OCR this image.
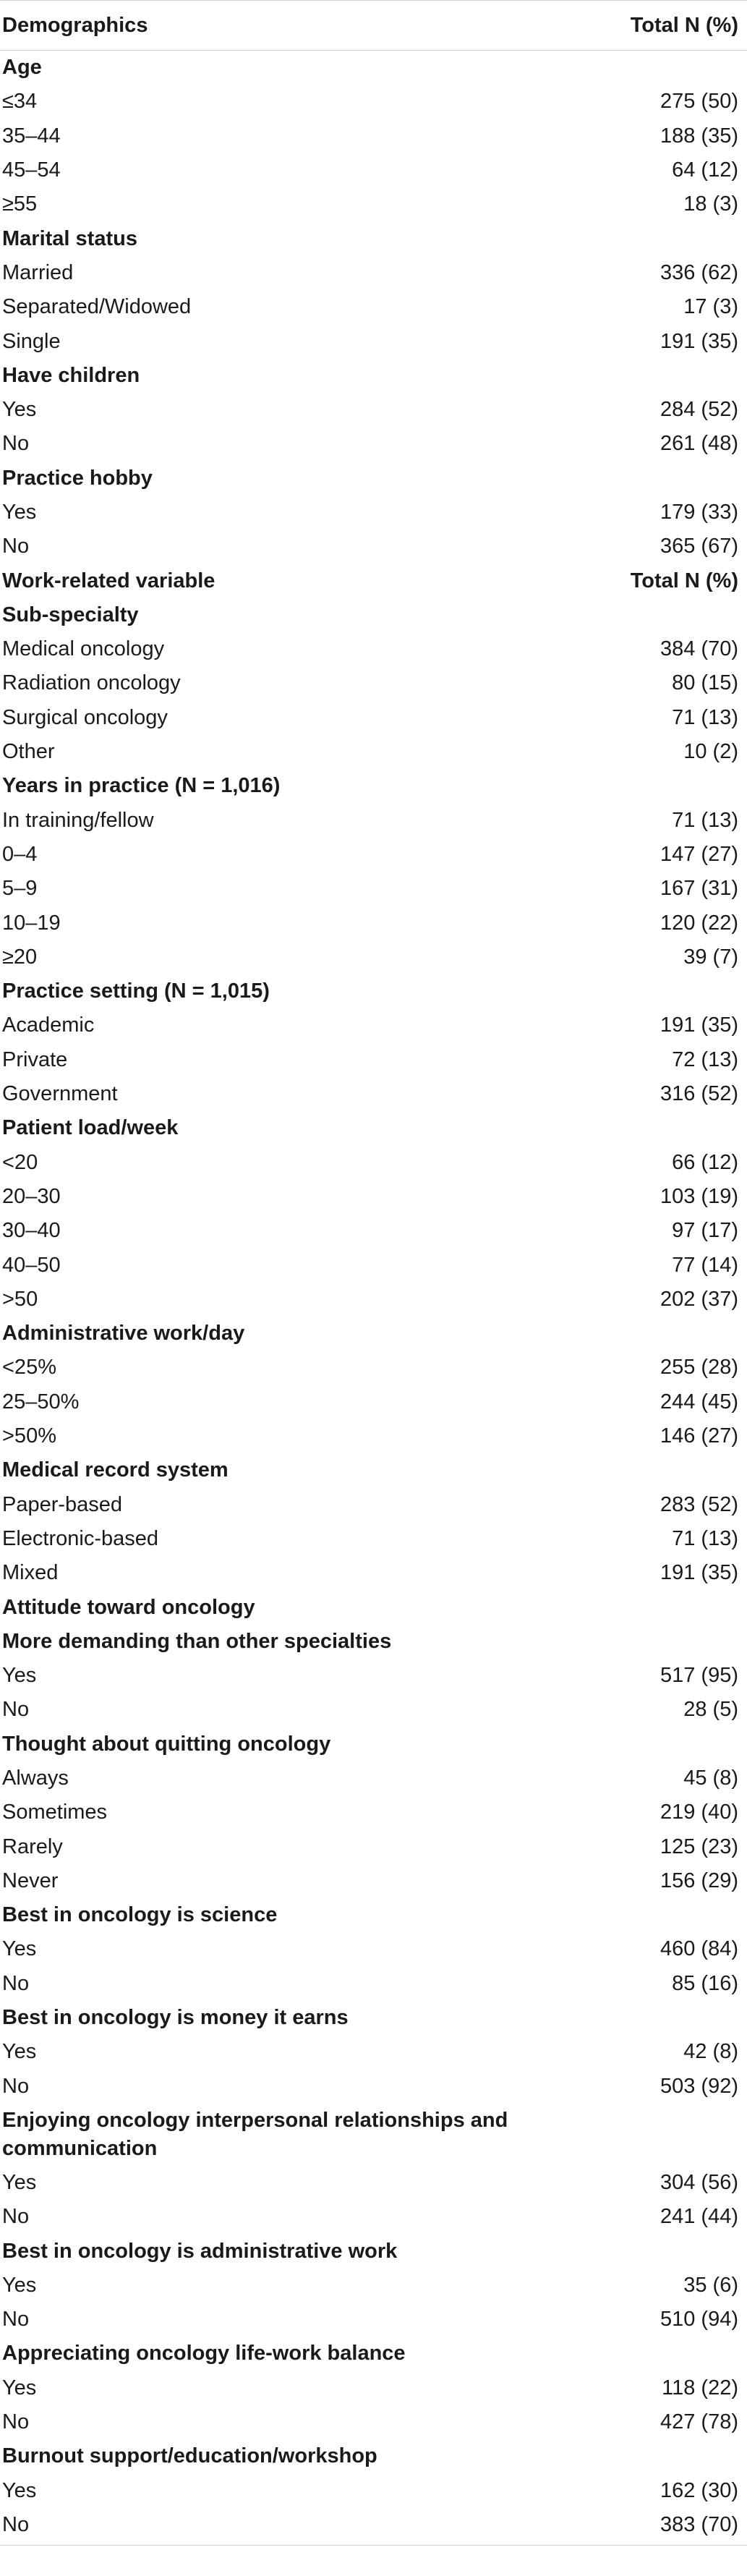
Demographics	Total N (%)
Age
≤34	275 (50)
35–44	188 (35)
45–54	64 (12)
≥55	18 (3)
Marital status
Married	336 (62)
Separated/Widowed	17 (3)
Single	191 (35)
Have children
Yes	284 (52)
No	261 (48)
Practice hobby
Yes	179 (33)
No	365 (67)
Work-related variable	Total N (%)
Sub-specialty
Medical oncology	384 (70)
Radiation oncology	80 (15)
Surgical oncology	71 (13)
Other	10 (2)
Years in practice (N = 1,016)
In training/fellow	71 (13)
0–4	147 (27)
5–9	167 (31)
10–19	120 (22)
≥20	39 (7)
Practice setting (N = 1,015)
Academic	191 (35)
Private	72 (13)
Government	316 (52)
Patient load/week
<20	66 (12)
20–30	103 (19)
30–40	97 (17)
40–50	77 (14)
>50	202 (37)
Administrative work/day
<25%	255 (28)
25–50%	244 (45)
>50%	146 (27)
Medical record system
Paper-based	283 (52)
Electronic-based	71 (13)
Mixed	191 (35)
Attitude toward oncology
More demanding than other specialties
Yes	517 (95)
No	28 (5)
Thought about quitting oncology
Always	45 (8)
Sometimes	219 (40)
Rarely	125 (23)
Never	156 (29)
Best in oncology is science
Yes	460 (84)
No	85 (16)
Best in oncology is money it earns
Yes	42 (8)
No	503 (92)
Enjoying oncology interpersonal relationships and communication
Yes	304 (56)
No	241 (44)
Best in oncology is administrative work
Yes	35 (6)
No	510 (94)
Appreciating oncology life-work balance
Yes	118 (22)
No	427 (78)
Burnout support/education/workshop
Yes	162 (30)
No	383 (70)
